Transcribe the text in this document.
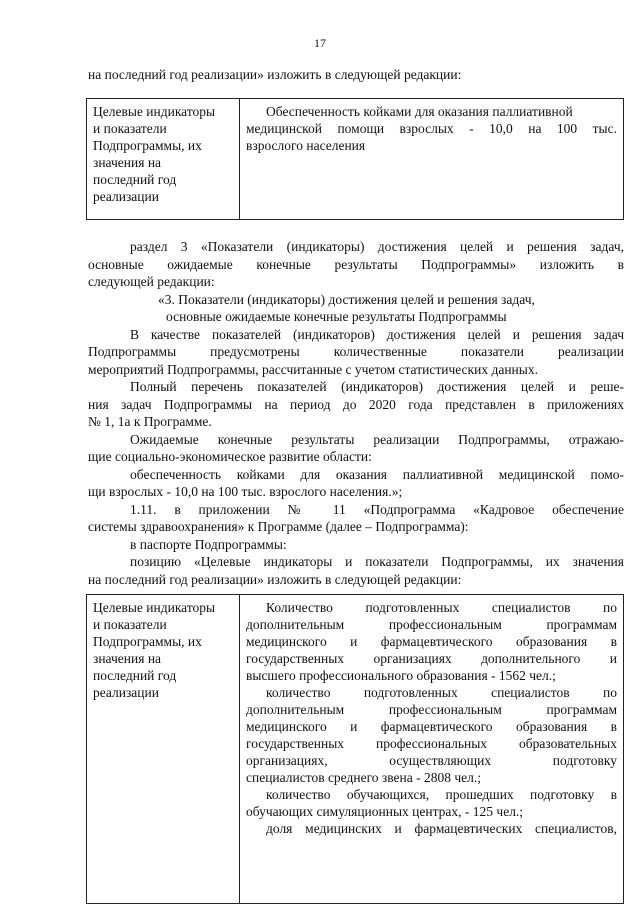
17
на последний год реализации» изложить в следующей редакции:
Целевые индикаторы
и показатели
Подпрограммы, их
значения на
последний год
реализации

Обеспеченность койками для оказания паллиативной
медицинской помощи взрослых - 10,0 на 100 тыс.
взрослого населения
раздел 3 «Показатели (индикаторы) достижения целей и решения задач,
основные ожидаемые конечные результаты Подпрограммы» изложить в
следующей редакции:
«3. Показатели (индикаторы) достижения целей и решения задач,
основные ожидаемые конечные результаты Подпрограммы
В качестве показателей (индикаторов) достижения целей и решения задач
Подпрограммы предусмотрены количественные показатели реализации
мероприятий Подпрограммы, рассчитанные с учетом статистических данных.
Полный перечень показателей (индикаторов) достижения целей и реше-
ния задач Подпрограммы на период до 2020 года представлен в приложениях
№ 1, 1а к Программе.
Ожидаемые конечные результаты реализации Подпрограммы, отражаю-
щие социально-экономическое развитие области:
обеспеченность койками для оказания паллиативной медицинской помо-
щи взрослых - 10,0 на 100 тыс. взрослого населения.»;
1.11. в приложении № 11 «Подпрограмма «Кадровое обеспечение
системы здравоохранения» к Программе (далее – Подпрограмма):
в паспорте Подпрограммы:
позицию «Целевые индикаторы и показатели Подпрограммы, их значения
на последний год реализации» изложить в следующей редакции:
Целевые индикаторы
и показатели
Подпрограммы, их
значения на
последний год
реализации

Количество подготовленных специалистов по
дополнительным профессиональным программам
медицинского и фармацевтического образования в
государственных организациях дополнительного и
высшего профессионального образования - 1562 чел.;
количество подготовленных специалистов по
дополнительным профессиональным программам
медицинского и фармацевтического образования в
государственных профессиональных образовательных
организациях, осуществляющих подготовку
специалистов среднего звена - 2808 чел.;
количество обучающихся, прошедших подготовку в
обучающих симуляционных центрах, - 125 чел.;
доля медицинских и фармацевтических специалистов,
